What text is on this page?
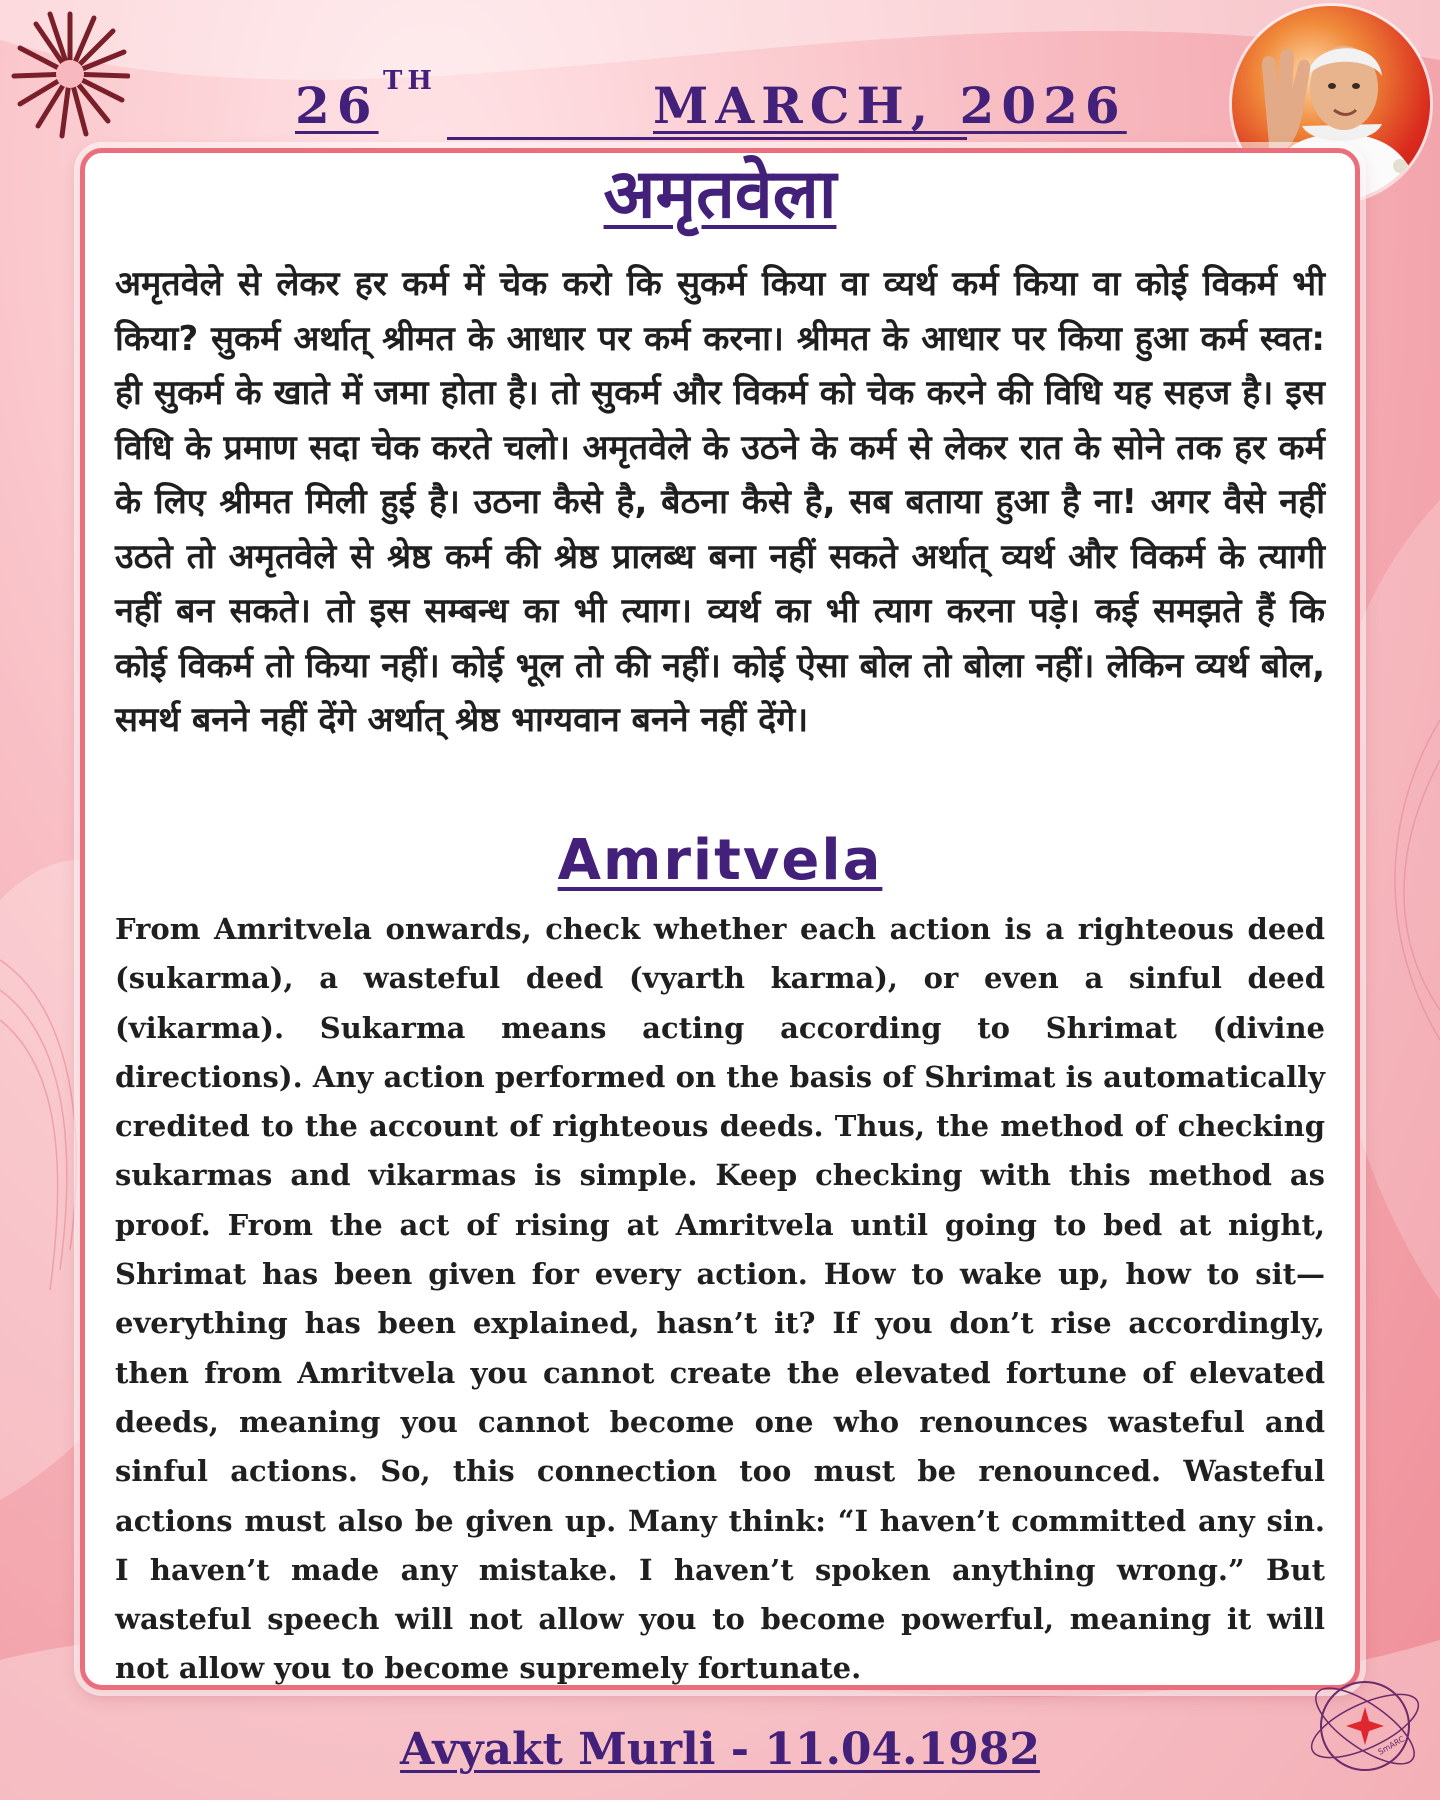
26 TH	MARCH, 2026
अमृतवेला

अमृतवेले से लेकर हर कर्म में चेक करो कि सुकर्म किया वा व्यर्थ कर्म किया वा कोई विकर्म भी किया? सुकर्म अर्थात् श्रीमत के आधार पर कर्म करना। श्रीमत के आधार पर किया हुआ कर्म स्वत: ही सुकर्म के खाते में जमा होता है। तो सुकर्म और विकर्म को चेक करने की विधि यह सहज है। इस विधि के प्रमाण सदा चेक करते चलो। अमृतवेले के उठने के कर्म से लेकर रात के सोने तक हर कर्म के लिए श्रीमत मिली हुई है। उठना कैसे है, बैठना कैसे है, सब बताया हुआ है ना! अगर वैसे नहीं उठते तो अमृतवेले से श्रेष्ठ कर्म की श्रेष्ठ प्रालब्ध बना नहीं सकते अर्थात् व्यर्थ और विकर्म के त्यागी नहीं बन सकते। तो इस सम्बन्ध का भी त्याग। व्यर्थ का भी त्याग करना पड़े। कई समझते हैं कि कोई विकर्म तो किया नहीं। कोई भूल तो की नहीं। कोई ऐसा बोल तो बोला नहीं। लेकिन व्यर्थ बोल, समर्थ बनने नहीं देंगे अर्थात् श्रेष्ठ भाग्यवान बनने नहीं देंगे।

Amritvela

From Amritvela onwards, check whether each action is a righteous deed (sukarma), a wasteful deed (vyarth karma), or even a sinful deed (vikarma). Sukarma means acting according to Shrimat (divine directions). Any action performed on the basis of Shrimat is automatically credited to the account of righteous deeds. Thus, the method of checking sukarmas and vikarmas is simple. Keep checking with this method as proof. From the act of rising at Amritvela until going to bed at night, Shrimat has been given for every action. How to wake up, how to sit—everything has been explained, hasn’t it? If you don’t rise accordingly, then from Amritvela you cannot create the elevated fortune of elevated deeds, meaning you cannot become one who renounces wasteful and sinful actions. So, this connection too must be renounced. Wasteful actions must also be given up. Many think: “I haven’t committed any sin. I haven’t made any mistake. I haven’t spoken anything wrong.” But wasteful speech will not allow you to become powerful, meaning it will not allow you to become supremely fortunate.

Avyakt Murli - 11.04.1982	SmARC
